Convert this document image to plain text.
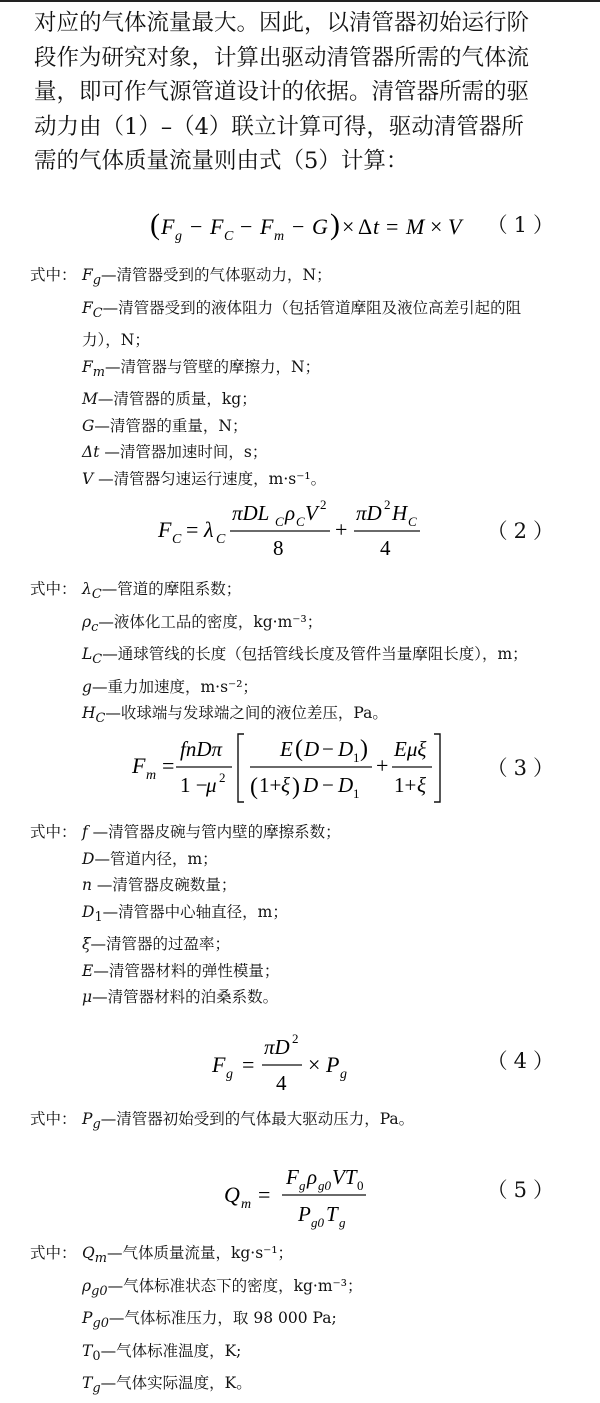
对应的气体流量最大。因此，以清管器初始运行阶
段作为研究对象，计算出驱动清管器所需的气体流
量，即可作气源管道设计的依据。清管器所需的驱
动力由（1）–（4）联立计算可得，驱动清管器所
需的气体质量流量则由式（5）计算：
( F g − F C − F m − G ) × Δ t = M × V （1）
式中： $F_g—$清管器受到的气体驱动力，N；
$F_C—$清管器受到的液体阻力（包括管道摩阻及液位高差引起的阻
力），N；
$F_m—$清管器与管壁的摩擦力，N；
M—清管器的质量，kg；
G—清管器的重量，N；
Δt —清管器加速时间，s；
V —清管器匀速运行速度，m·s⁻¹。
F C = λ C
πDL C ρ C V 2
8
+
πD 2 H C
4
（2）
式中： $\lambda_C—$管道的摩阻系数；
$\rho_c—$液体化工品的密度，kg·m⁻³；
$L_C—$通球管线的长度（包括管线长度及管件当量摩阻长度），m；
g—重力加速度，m·s⁻²；
$H_C—$收球端与发球端之间的液位差压，Pa。
F m =
fnDπ
1 −
μ 2
E ( D − D 1 )
( 1+ ξ ) D − D 1
+
Eμξ
1+ ξ
（3）
式中： f —清管器皮碗与管内壁的摩擦系数；
D—管道内径，m；
n —清管器皮碗数量；
$D_1—$清管器中心轴直径，m；
ξ—清管器的过盈率；
E—清管器材料的弹性模量；
μ—清管器材料的泊桑系数。
F g =
πD 2
4
× P g
（4）
式中： $P_g—$清管器初始受到的气体最大驱动压力，Pa。
Q m =
F g ρ g0 VT 0
P g0 T g
（5）
式中： $Q_m—$气体质量流量，kg·s⁻¹；
$\rho_{g0}—$气体标准状态下的密度，kg·m⁻³；
$P_{g0}—$气体标准压力，取 98 000 Pa;
$T_0—$气体标准温度，K;
$T_g—$气体实际温度，K。
